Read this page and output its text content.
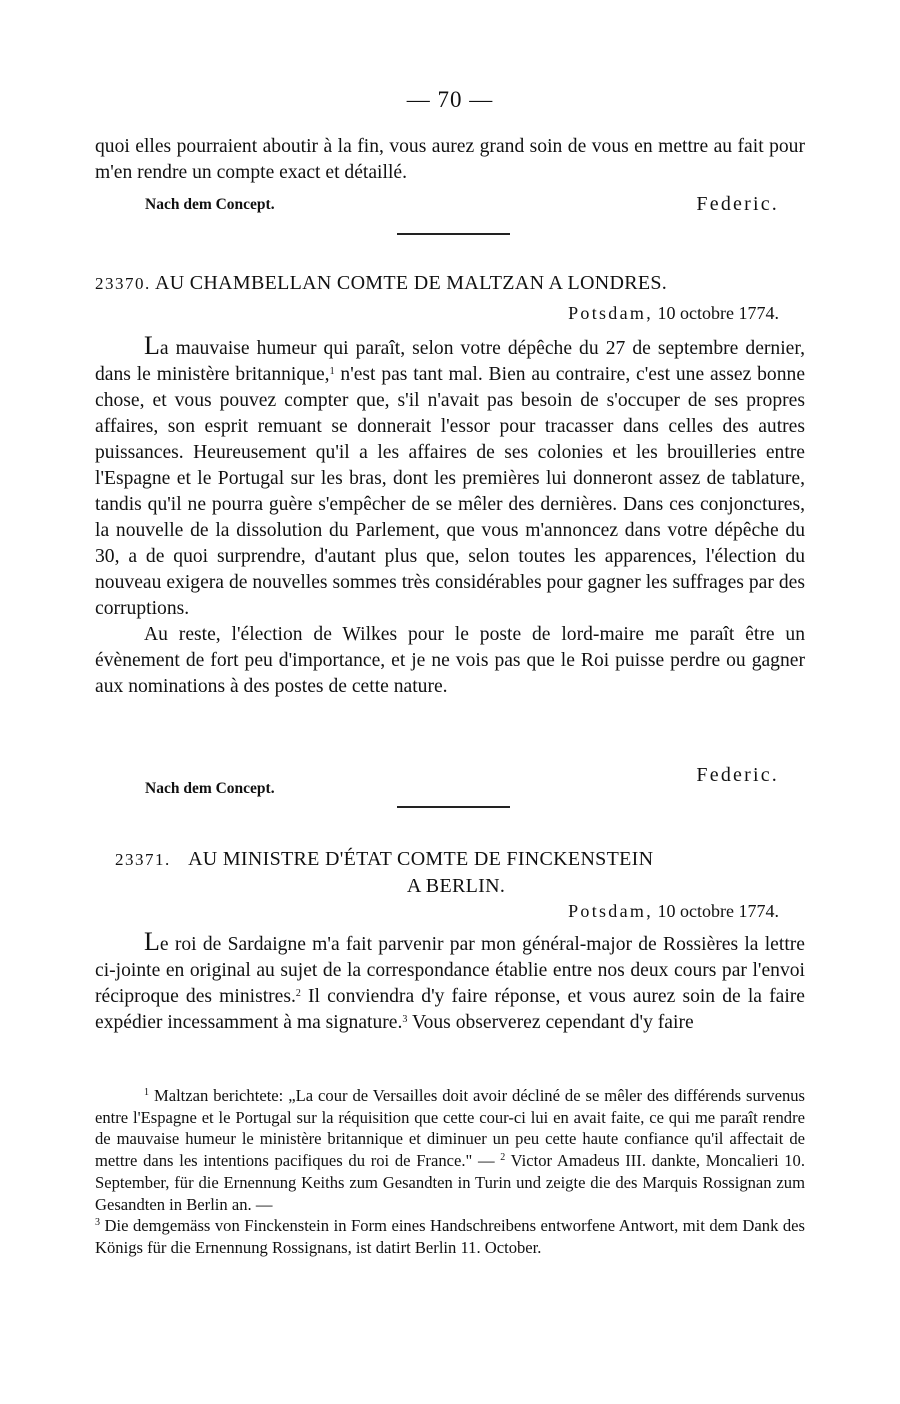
— 70 —

quoi elles pourraient aboutir à la fin, vous aurez grand soin de vous en mettre au fait pour m'en rendre un compte exact et détaillé.

Nach dem Concept.	Federic.
23370. AU CHAMBELLAN COMTE DE MALTZAN A LONDRES.
Potsdam, 10 octobre 1774.

La mauvaise humeur qui paraît, selon votre dépêche du 27 de septembre dernier, dans le ministère britannique,$^1$ n'est pas tant mal. Bien au contraire, c'est une assez bonne chose, et vous pouvez compter que, s'il n'avait pas besoin de s'occuper de ses propres affaires, son esprit remuant se donnerait l'essor pour tracasser dans celles des autres puissances. Heureusement qu'il a les affaires de ses colonies et les brouilleries entre l'Espagne et le Portugal sur les bras, dont les premières lui donneront assez de tablature, tandis qu'il ne pourra guère s'empêcher de se mêler des dernières. Dans ces conjonctures, la nouvelle de la dissolution du Parlement, que vous m'annoncez dans votre dépêche du 30, a de quoi surprendre, d'autant plus que, selon toutes les apparences, l'élection du nouveau exigera de nouvelles sommes très considérables pour gagner les suffrages par des corruptions.

Au reste, l'élection de Wilkes pour le poste de lord-maire me paraît être un évènement de fort peu d'importance, et je ne vois pas que le Roi puisse perdre ou gagner aux nominations à des postes de cette nature.

Nach dem Concept.
Federic.
23371. AU MINISTRE D'ÉTAT COMTE DE FINCKENSTEIN
A BERLIN.
Potsdam, 10 octobre 1774.

Le roi de Sardaigne m'a fait parvenir par mon général-major de Rossières la lettre ci-jointe en original au sujet de la correspondance établie entre nos deux cours par l'envoi réciproque des ministres.$^2$ Il conviendra d'y faire réponse, et vous aurez soin de la faire expédier incessamment à ma signature.$^3$ Vous observerez cependant d'y faire

$^1$ Maltzan berichtete: „La cour de Versailles doit avoir décliné de se mêler des différends survenus entre l'Espagne et le Portugal sur la réquisition que cette cour-ci lui en avait faite, ce qui me paraît rendre de mauvaise humeur le ministère britannique et diminuer un peu cette haute confiance qu'il affectait de mettre dans les intentions pacifiques du roi de France." — $^2$ Victor Amadeus III. dankte, Moncalieri 10. September, für die Ernennung Keiths zum Gesandten in Turin und zeigte die des Marquis Rossignan zum Gesandten in Berlin an. —

$^3$ Die demgemäss von Finckenstein in Form eines Handschreibens entworfene Antwort, mit dem Dank des Königs für die Ernennung Rossignans, ist datirt Berlin 11. October.
